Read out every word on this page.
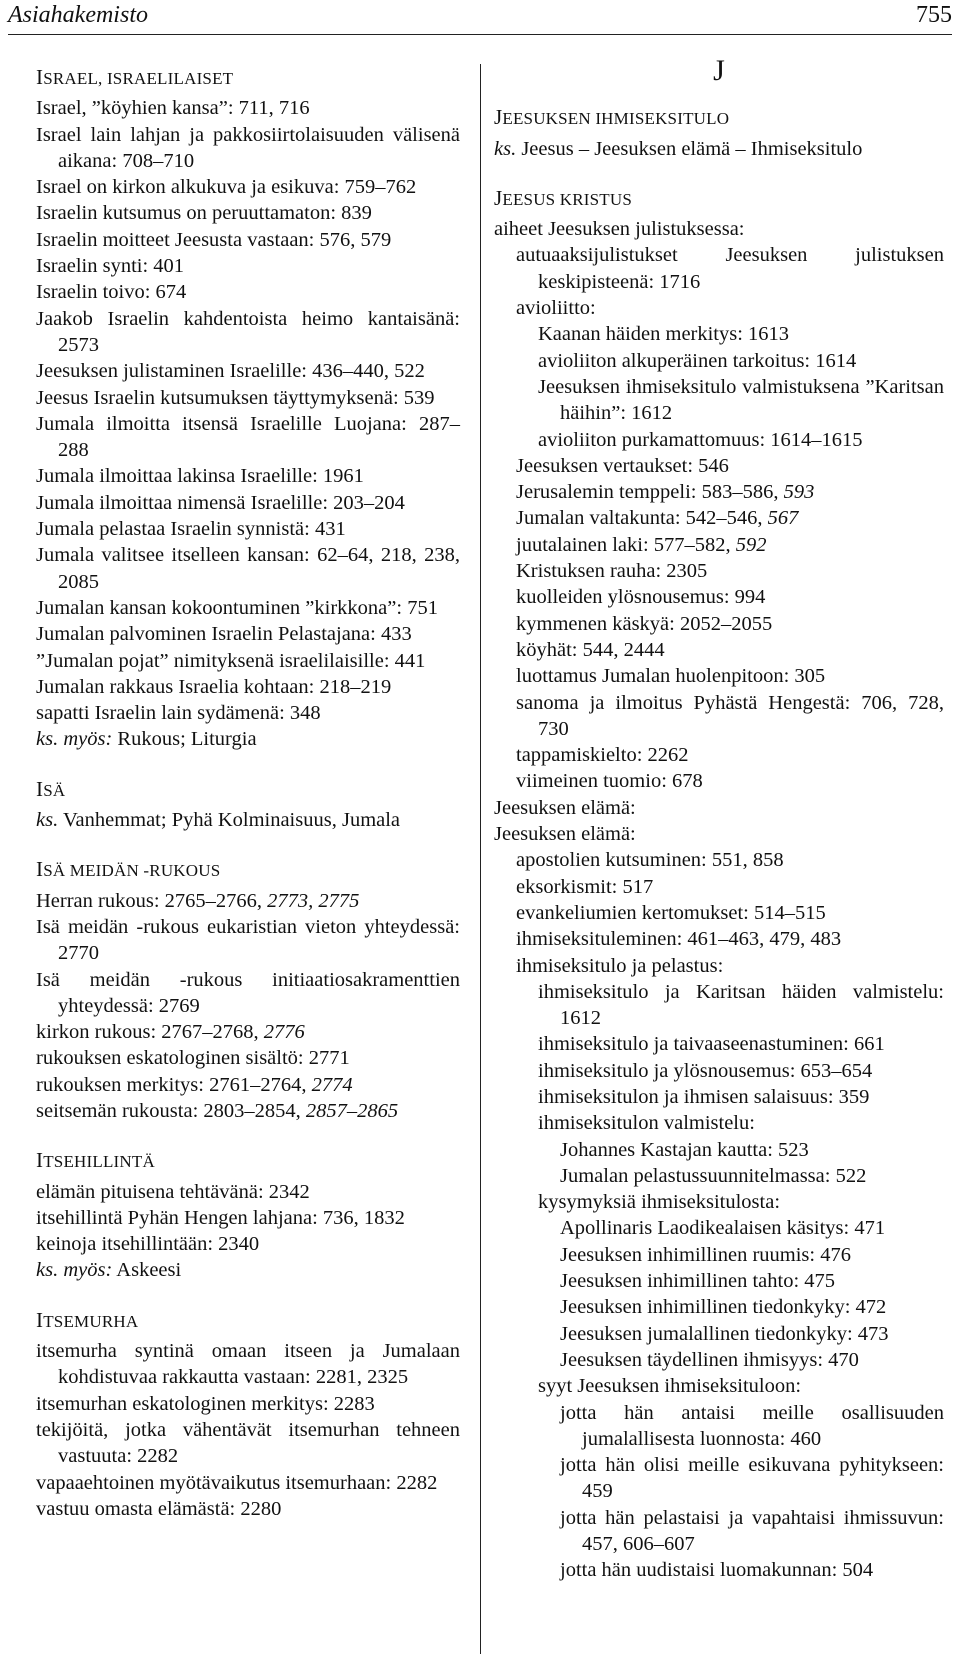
Asiahakemisto	755
ISRAEL, ISRAELILAISET
Israel, ”köyhien kansa”: 711, 716
Israel lain lahjan ja pakkosiirtolaisuuden välisenä aikana: 708–710
Israel on kirkon alkukuva ja esikuva: 759–762
Israelin kutsumus on peruuttamaton: 839
Israelin moitteet Jeesusta vastaan: 576, 579
Israelin synti: 401
Israelin toivo: 674
Jaakob Israelin kahdentoista heimo kantaisänä: 2573
Jeesuksen julistaminen Israelille: 436–440, 522
Jeesus Israelin kutsumuksen täyttymyksenä: 539
Jumala ilmoitta itsensä Israelille Luojana: 287– 288
Jumala ilmoittaa lakinsa Israelille: 1961
Jumala ilmoittaa nimensä Israelille: 203–204
Jumala pelastaa Israelin synnistä: 431
Jumala valitsee itselleen kansan: 62–64, 218, 238, 2085
Jumalan kansan kokoontuminen ”kirkkona”: 751
Jumalan palvominen Israelin Pelastajana: 433
”Jumalan pojat” nimityksenä israelilaisille: 441
Jumalan rakkaus Israelia kohtaan: 218–219
sapatti Israelin lain sydämenä: 348
ks. myös: Rukous; Liturgia
ISÄ
ks. Vanhemmat; Pyhä Kolminaisuus, Jumala
ISÄ MEIDÄN -RUKOUS
Herran rukous: 2765–2766, 2773, 2775
Isä meidän -rukous eukaristian vieton yhteydessä: 2770
Isä meidän -rukous initiaatiosakramenttien yhteydessä: 2769
kirkon rukous: 2767–2768, 2776
rukouksen eskatologinen sisältö: 2771
rukouksen merkitys: 2761–2764, 2774
seitsemän rukousta: 2803–2854, 2857–2865
ITSEHILLINTÄ
elämän pituisena tehtävänä: 2342
itsehillintä Pyhän Hengen lahjana: 736, 1832
keinoja itsehillintään: 2340
ks. myös: Askeesi
ITSEMURHA
itsemurha syntinä omaan itseen ja Jumalaan kohdistuvaa rakkautta vastaan: 2281, 2325
itsemurhan eskatologinen merkitys: 2283
tekijöitä, jotka vähentävät itsemurhan tehneen vastuuta: 2282
vapaaehtoinen myötävaikutus itsemurhaan: 2282
vastuu omasta elämästä: 2280
J
JEESUKSEN IHMISEKSITULO
ks. Jeesus – Jeesuksen elämä – Ihmiseksitulo
JEESUS KRISTUS
aiheet Jeesuksen julistuksessa:
autuaaksijulistukset Jeesuksen julistuksen keskipisteenä: 1716
avioliitto:
Kaanan häiden merkitys: 1613
avioliiton alkuperäinen tarkoitus: 1614
Jeesuksen ihmiseksitulo valmistuksena ”Karitsan häihin”: 1612
avioliiton purkamattomuus: 1614–1615
Jeesuksen vertaukset: 546
Jerusalemin temppeli: 583–586, 593
Jumalan valtakunta: 542–546, 567
juutalainen laki: 577–582, 592
Kristuksen rauha: 2305
kuolleiden ylösnousemus: 994
kymmenen käskyä: 2052–2055
köyhät: 544, 2444
luottamus Jumalan huolenpitoon: 305
sanoma ja ilmoitus Pyhästä Hengestä: 706, 728, 730
tappamiskielto: 2262
viimeinen tuomio: 678
Jeesuksen elämä:
Jeesuksen elämä:
apostolien kutsuminen: 551, 858
eksorkismit: 517
evankeliumien kertomukset: 514–515
ihmiseksituleminen: 461–463, 479, 483
ihmiseksitulo ja pelastus:
ihmiseksitulo ja Karitsan häiden valmistelu: 1612
ihmiseksitulo ja taivaaseenastuminen: 661
ihmiseksitulo ja ylösnousemus: 653–654
ihmiseksitulon ja ihmisen salaisuus: 359
ihmiseksitulon valmistelu:
Johannes Kastajan kautta: 523
Jumalan pelastussuunnitelmassa: 522
kysymyksiä ihmiseksitulosta:
Apollinaris Laodikealaisen käsitys: 471
Jeesuksen inhimillinen ruumis: 476
Jeesuksen inhimillinen tahto: 475
Jeesuksen inhimillinen tiedonkyky: 472
Jeesuksen jumalallinen tiedonkyky: 473
Jeesuksen täydellinen ihmisyys: 470
syyt Jeesuksen ihmiseksituloon:
jotta hän antaisi meille osallisuuden jumalallisesta luonnosta: 460
jotta hän olisi meille esikuvana pyhitykseen: 459
jotta hän pelastaisi ja vapahtaisi ihmissuvun: 457, 606–607
jotta hän uudistaisi luomakunnan: 504
